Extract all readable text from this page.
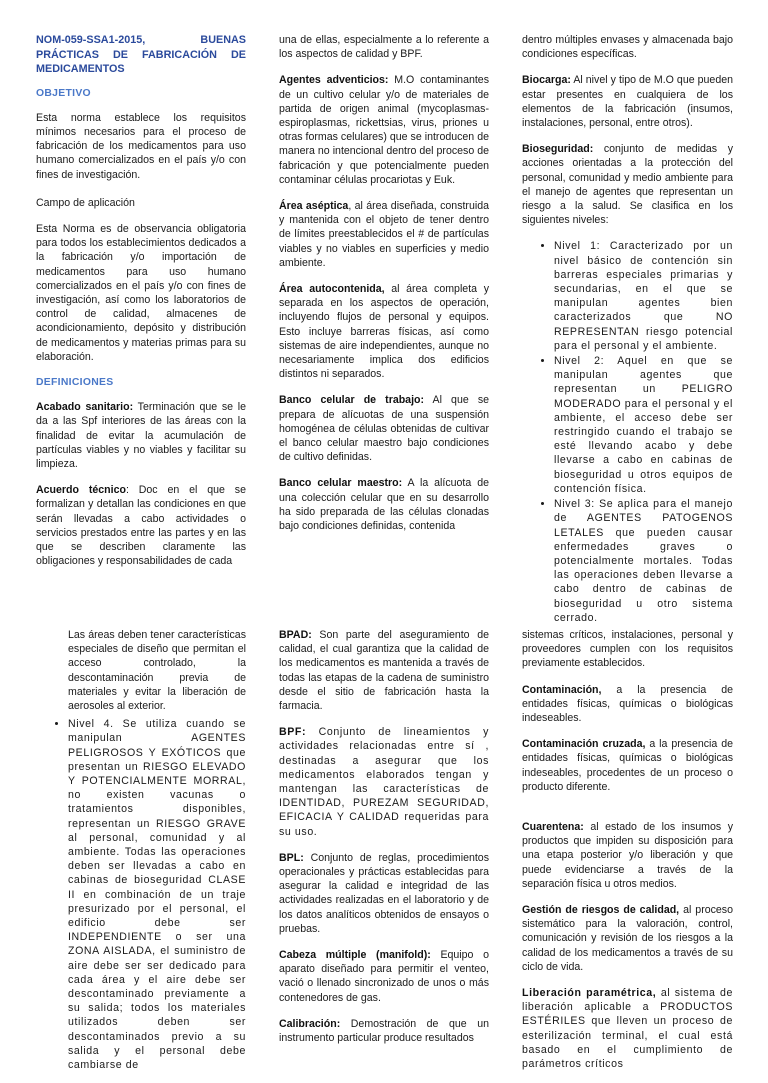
NOM-059-SSA1-2015, BUENAS PRÁCTICAS DE FABRICACIÓN DE MEDICAMENTOS
OBJETIVO

Esta norma establece los requisitos mínimos necesarios para el proceso de fabricación de los medicamentos para uso humano comercializados en el país y/o con fines de investigación.

Campo de aplicación

Esta Norma es de observancia obligatoria para todos los establecimientos dedicados a la fabricación y/o importación de medicamentos para uso humano comercializados en el país y/o con fines de investigación, así como los laboratorios de control de calidad, almacenes de acondicionamiento, depósito y distribución de medicamentos y materias primas para su elaboración.

DEFINICIONES

Acabado sanitario: Terminación que se le da a las Spf interiores de las áreas con la finalidad de evitar la acumulación de partículas viables y no viables y facilitar su limpieza.

Acuerdo técnico: Doc en el que se formalizan y detallan las condiciones en que serán llevadas a cabo actividades o servicios prestados entre las partes y en las que se describen claramente las obligaciones y responsabilidades de cada

una de ellas, especialmente a lo referente a los aspectos de calidad y BPF.

Agentes adventicios: M.O contaminantes de un cultivo celular y/o de materiales de partida de origen animal (mycoplasmas-espiroplasmas, rickettsias, virus, priones u otras formas celulares) que se introducen de manera no intencional dentro del proceso de fabricación y que potencialmente pueden contaminar células procariotas y Euk.

Área aséptica, al área diseñada, construida y mantenida con el objeto de tener dentro de límites preestablecidos el # de partículas viables y no viables en superficies y medio ambiente.

Área autocontenida, al área completa y separada en los aspectos de operación, incluyendo flujos de personal y equipos. Esto incluye barreras físicas, así como sistemas de aire independientes, aunque no necesariamente implica dos edificios distintos ni separados.

Banco celular de trabajo: Al que se prepara de alícuotas de una suspensión homogénea de células obtenidas de cultivar el banco celular maestro bajo condiciones de cultivo definidas.

Banco celular maestro: A la alícuota de una colección celular que en su desarrollo ha sido preparada de las células clonadas bajo condiciones definidas, contenida

dentro múltiples envases y almacenada bajo condiciones específicas.

Biocarga: Al nivel y tipo de M.O que pueden estar presentes en cualquiera de los elementos de la fabricación (insumos, instalaciones, personal, entre otros).

Bioseguridad: conjunto de medidas y acciones orientadas a la protección del personal, comunidad y medio ambiente para el manejo de agentes que representan un riesgo a la salud. Se clasifica en los siguientes niveles:

• Nivel 1: Caracterizado por un nivel básico de contención sin barreras especiales primarias y secundarias, en el que se manipulan agentes bien caracterizados que NO REPRESENTAN riesgo potencial para el personal y el ambiente.
• Nivel 2: Aquel en que se manipulan agentes que representan un PELIGRO MODERADO para el personal y el ambiente, el acceso debe ser restringido cuando el trabajo se esté llevando acabo y debe llevarse a cabo en cabinas de bioseguridad u otros equipos de contención física.
• Nivel 3: Se aplica para el manejo de AGENTES PATOGENOS LETALES que pueden causar enfermedades graves o potencialmente mortales. Todas las operaciones deben llevarse a cabo dentro de cabinas de bioseguridad u otro sistema cerrado.

Las áreas deben tener características especiales de diseño que permitan el acceso controlado, la descontaminación previa de materiales y evitar la liberación de aerosoles al exterior.

• Nivel 4. Se utiliza cuando se manipulan AGENTES PELIGROSOS Y EXÓTICOS que presentan un RIESGO ELEVADO Y POTENCIALMENTE MORRAL, no existen vacunas o tratamientos disponibles, representan un RIESGO GRAVE al personal, comunidad y al ambiente. Todas las operaciones deben ser llevadas a cabo en cabinas de bioseguridad CLASE II en combinación de un traje presurizado por el personal, el edificio debe ser INDEPENDIENTE o ser una ZONA AISLADA, el suministro de aire debe ser ser dedicado para cada área y el aire debe ser descontaminado previamente a su salida; todos los materiales utilizados deben ser descontaminados previo a su salida y el personal debe cambiarse de

BPAD: Son parte del aseguramiento de calidad, el cual garantiza que la calidad de los medicamentos es mantenida a través de todas las etapas de la cadena de suministro desde el sitio de fabricación hasta la farmacia.

BPF: Conjunto de lineamientos y actividades relacionadas entre sí , destinadas a asegurar que los medicamentos elaborados tengan y mantengan las características de IDENTIDAD, PUREZAM SEGURIDAD, EFICACIA Y CALIDAD requeridas para su uso.

BPL: Conjunto de reglas, procedimientos operacionales y prácticas establecidas para asegurar la calidad e integridad de las actividades realizadas en el laboratorio y de los datos analíticos obtenidos de ensayos o pruebas.

Cabeza múltiple (manifold): Equipo o aparato diseñado para permitir el venteo, vació o llenado sincronizado de unos o más contenedores de gas.

Calibración: Demostración de que un instrumento particular produce resultados

sistemas críticos, instalaciones, personal y proveedores cumplen con los requisitos previamente establecidos.

Contaminación, a la presencia de entidades físicas, químicas o biológicas indeseables.

Contaminación cruzada, a la presencia de entidades físicas, químicas o biológicas indeseables, procedentes de un proceso o producto diferente.

Cuarentena: al estado de los insumos y productos que impiden su disposición para una etapa posterior y/o liberación y que puede evidenciarse a través de la separación física u otros medios.

Gestión de riesgos de calidad, al proceso sistemático para la valoración, control, comunicación y revisión de los riesgos a la calidad de los medicamentos a través de su ciclo de vida.

Liberación paramétrica, al sistema de liberación aplicable a PRODUCTOS ESTÉRILES que lleven un proceso de esterilización terminal, el cual está basado en el cumplimiento de parámetros críticos
